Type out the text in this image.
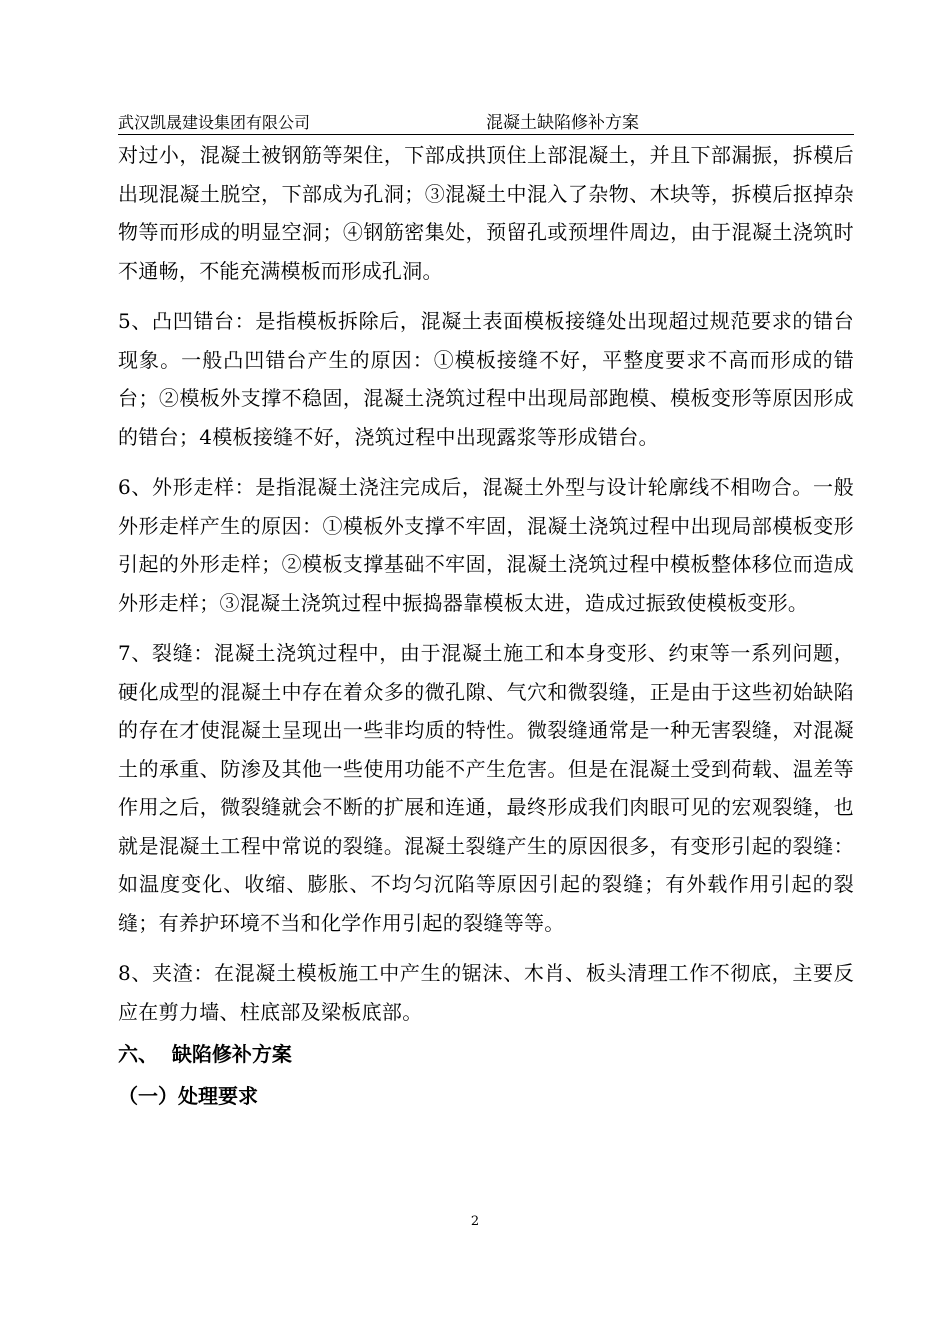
武汉凯晟建设集团有限公司	混凝土缺陷修补方案

对过小，混凝土被钢筋等架住，下部成拱顶住上部混凝土，并且下部漏振，拆模后出现混凝土脱空，下部成为孔洞；③混凝土中混入了杂物、木块等，拆模后抠掉杂物等而形成的明显空洞；④钢筋密集处，预留孔或预埋件周边，由于混凝土浇筑时不通畅，不能充满模板而形成孔洞。

5、凸凹错台：是指模板拆除后，混凝土表面模板接缝处出现超过规范要求的错台现象。一般凸凹错台产生的原因：①模板接缝不好，平整度要求不高而形成的错台；②模板外支撑不稳固，混凝土浇筑过程中出现局部跑模、模板变形等原因形成的错台；4模板接缝不好，浇筑过程中出现露浆等形成错台。

6、外形走样：是指混凝土浇注完成后，混凝土外型与设计轮廓线不相吻合。一般外形走样产生的原因：①模板外支撑不牢固，混凝土浇筑过程中出现局部模板变形引起的外形走样；②模板支撑基础不牢固，混凝土浇筑过程中模板整体移位而造成外形走样；③混凝土浇筑过程中振捣器靠模板太进，造成过振致使模板变形。

7、裂缝：混凝土浇筑过程中，由于混凝土施工和本身变形、约束等一系列问题，硬化成型的混凝土中存在着众多的微孔隙、气穴和微裂缝，正是由于这些初始缺陷的存在才使混凝土呈现出一些非均质的特性。微裂缝通常是一种无害裂缝，对混凝土的承重、防渗及其他一些使用功能不产生危害。但是在混凝土受到荷载、温差等作用之后，微裂缝就会不断的扩展和连通，最终形成我们肉眼可见的宏观裂缝，也就是混凝土工程中常说的裂缝。混凝土裂缝产生的原因很多，有变形引起的裂缝：如温度变化、收缩、膨胀、不均匀沉陷等原因引起的裂缝；有外载作用引起的裂缝；有养护环境不当和化学作用引起的裂缝等等。

8、夹渣：在混凝土模板施工中产生的锯沫、木肖、板头清理工作不彻底，主要反应在剪力墙、柱底部及梁板底部。

六、  缺陷修补方案

（一）处理要求

2
